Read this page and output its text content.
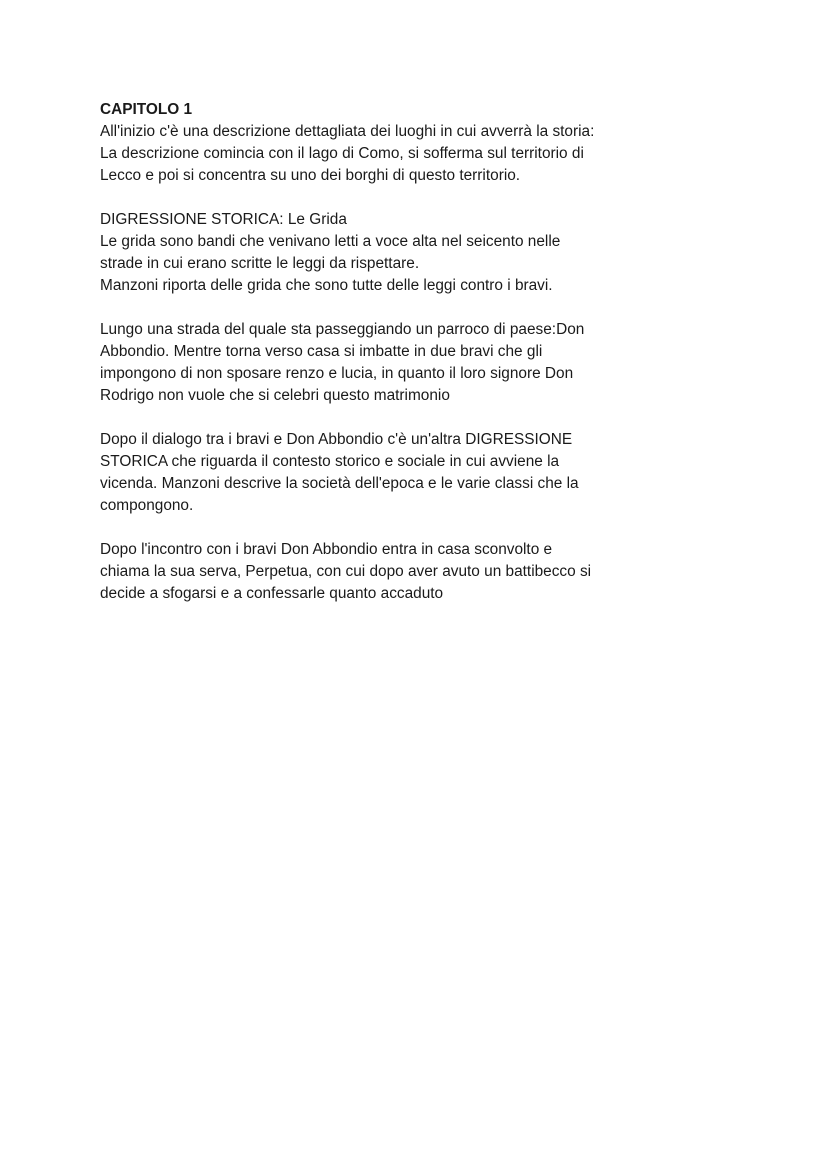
CAPITOLO 1

All'inizio c'è una descrizione dettagliata dei luoghi in cui avverrà la storia:
La descrizione comincia con il lago di Como, si sofferma sul territorio di
Lecco e poi si concentra su uno dei borghi di questo territorio.
DIGRESSIONE STORICA: Le Grida
Le grida sono bandi che venivano letti a voce alta nel seicento nelle
strade in cui erano scritte le leggi da rispettare.
Manzoni riporta delle grida che sono tutte delle leggi contro i bravi.
Lungo una strada del quale sta passeggiando un parroco di paese:Don
Abbondio. Mentre torna verso casa si imbatte in due bravi che gli
impongono di non sposare renzo e lucia, in quanto il loro signore Don
Rodrigo non vuole che si celebri questo matrimonio
Dopo il dialogo tra i bravi e Don Abbondio c'è un'altra DIGRESSIONE
STORICA che riguarda il contesto storico e sociale in cui avviene la
vicenda. Manzoni descrive la società dell'epoca e le varie classi che la
compongono.
Dopo l'incontro con i bravi Don Abbondio entra in casa sconvolto e
chiama la sua serva, Perpetua, con cui dopo aver avuto un battibecco si
decide a sfogarsi e a confessarle quanto accaduto
